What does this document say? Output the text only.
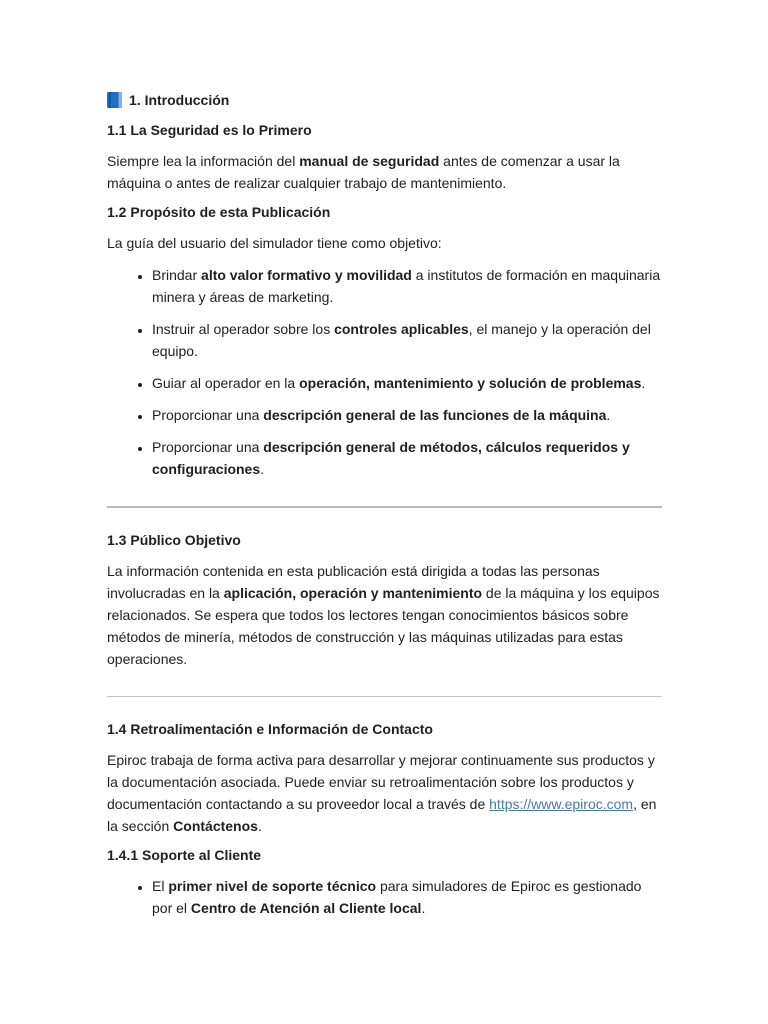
1. Introducción
1.1 La Seguridad es lo Primero

Siempre lea la información del manual de seguridad antes de comenzar a usar la máquina o antes de realizar cualquier trabajo de mantenimiento.

1.2 Propósito de esta Publicación

La guía del usuario del simulador tiene como objetivo:

• Brindar alto valor formativo y movilidad a institutos de formación en maquinaria minera y áreas de marketing.
• Instruir al operador sobre los controles aplicables, el manejo y la operación del equipo.
• Guiar al operador en la operación, mantenimiento y solución de problemas.
• Proporcionar una descripción general de las funciones de la máquina.
• Proporcionar una descripción general de métodos, cálculos requeridos y configuraciones.
1.3 Público Objetivo

La información contenida en esta publicación está dirigida a todas las personas involucradas en la aplicación, operación y mantenimiento de la máquina y los equipos relacionados. Se espera que todos los lectores tengan conocimientos básicos sobre métodos de minería, métodos de construcción y las máquinas utilizadas para estas operaciones.

1.4 Retroalimentación e Información de Contacto

Epiroc trabaja de forma activa para desarrollar y mejorar continuamente sus productos y la documentación asociada. Puede enviar su retroalimentación sobre los productos y documentación contactando a su proveedor local a través de https://www.epiroc.com, en la sección Contáctenos.

1.4.1 Soporte al Cliente
• El primer nivel de soporte técnico para simuladores de Epiroc es gestionado por el Centro de Atención al Cliente local.
